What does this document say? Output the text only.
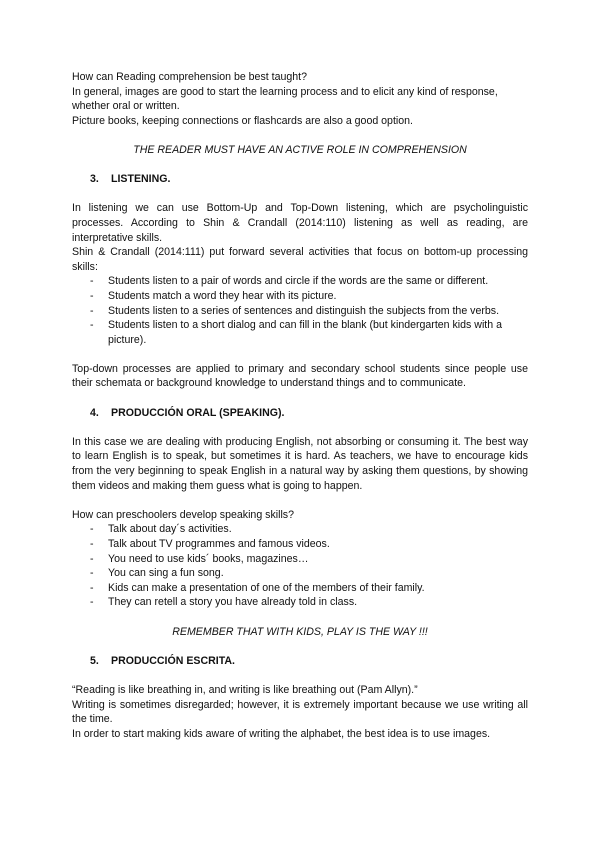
How can Reading comprehension be best taught?

In general, images are good to start the learning process and to elicit any kind of response, whether oral or written.

Picture books, keeping connections or flashcards are also a good option.

THE READER MUST HAVE AN ACTIVE ROLE IN COMPREHENSION

3. LISTENING.

In listening we can use Bottom-Up and Top-Down listening, which are psycholinguistic processes. According to Shin & Crandall (2014:110) listening as well as reading, are interpretative skills.

Shin & Crandall (2014:111) put forward several activities that focus on bottom-up processing skills:

- Students listen to a pair of words and circle if the words are the same or different.
- Students match a word they hear with its picture.
- Students listen to a series of sentences and distinguish the subjects from the verbs.
- Students listen to a short dialog and can fill in the blank (but kindergarten kids with a picture).

Top-down processes are applied to primary and secondary school students since people use their schemata or background knowledge to understand things and to communicate.

4. PRODUCCIÓN ORAL (SPEAKING).

In this case we are dealing with producing English, not absorbing or consuming it. The best way to learn English is to speak, but sometimes it is hard. As teachers, we have to encourage kids from the very beginning to speak English in a natural way by asking them questions, by showing them videos and making them guess what is going to happen.

How can preschoolers develop speaking skills?

- Talk about day´s activities.
- Talk about TV programmes and famous videos.
- You need to use kids´ books, magazines…
- You can sing a fun song.
- Kids can make a presentation of one of the members of their family.
- They can retell a story you have already told in class.

REMEMBER THAT WITH KIDS, PLAY IS THE WAY !!!

5. PRODUCCIÓN ESCRITA.

“Reading is like breathing in, and writing is like breathing out (Pam Allyn).”

Writing is sometimes disregarded; however, it is extremely important because we use writing all the time.

In order to start making kids aware of writing the alphabet, the best idea is to use images.
